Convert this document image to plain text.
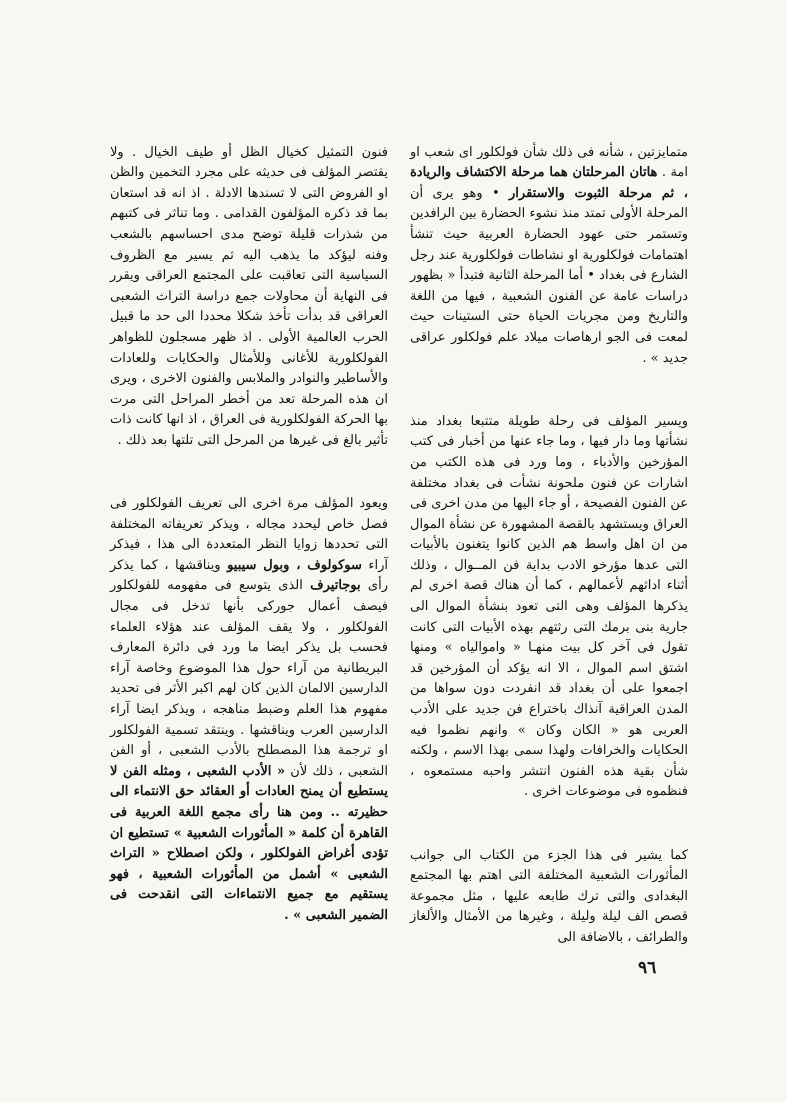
متمايزتين ، شأنه فى ذلك شأن فولكلور اى شعب او امة . هاتان المرحلتان هما مرحلة الاكتشاف والريادة ، ثم مرحلة الثبوت والاستقرار • وهو يرى أن المرحلة الأولى تمتد منذ نشوء الحضارة بين الرافدين وتستمر حتى عهود الحضارة العربية حيث تنشأ اهتمامات فولكلورية او نشاطات فولكلورية عند رجل الشارع فى بغداد • أما المرحلة الثانية فتبدأ « بظهور دراسات عامة عن الفنون الشعبية ، فيها من اللغة والتاريخ ومن مجريات الحياة حتى الستينات حيث لمعت فى الجو ارهاصات ميلاد علم فولكلور عراقى جديد » .

ويسير المؤلف فى رحلة طويلة متتبعا بغداد منذ نشأتها وما دار فيها ، وما جاء عنها من أخبار فى كتب المؤرخين والأدباء ، وما ورد فى هذه الكتب من اشارات عن فنون ملحونة نشأت فى بغداد مختلفة عن الفنون الفصيحة ، أو جاء اليها من مدن اخرى فى العراق ويستشهد بالقصة المشهورة عن نشأة الموال من ان اهل واسط هم الذين كانوا يتغنون بالأبيات التى عدها مؤرخو الادب بداية فن المــوال ، وذلك أثناء اداثهم لأعمالهم ، كما أن هناك قصة اخرى لم يذكرها المؤلف وهى التى تعود بنشأة الموال الى جارية بنى برمك التى رثتهم بهذه الأبيات التى كانت تقول فى آخر كل بيت منهـا « واموالياه » ومنها اشتق اسم الموال ، الا انه يؤكد أن المؤرخين قد اجمعوا على أن بغداد قد انفردت دون سواها من المدن العراقية آنذاك باختراع فن جديد على الأدب العربى هو « الكان وكان » وانهم نظموا فيه الحكايات والخرافات ولهذا سمى بهذا الاسم ، ولكنه شأن بقية هذه الفنون انتشر واحبه مستمعوه ، فنظموه فى موضوعات اخرى .

كما يشير فى هذا الجزء من الكتاب الى جوانب المأثورات الشعبية المختلفة التى اهتم بها المجتمع البغدادى والتى ترك طابعه عليها ، مثل مجموعة قصص الف ليلة وليلة ، وغيرها من الأمثال والألغاز والطرائف ، بالاضافة الى

فنون التمثيل كخيال الظل أو طيف الخيال . ولا يقتصر المؤلف فى حديثه على مجرد التخمين والظن او الفروض التى لا تسندها الادلة . اذ انه قد استعان بما قد ذكره المؤلفون القدامى . وما تناثر فى كتبهم من شذرات قليلة توضح مدى احساسهم بالشعب وفنه ليؤكد ما يذهب اليه ثم يسير مع الظروف السياسية التى تعاقبت على المجتمع العراقى ويقرر فى النهاية أن محاولات جمع دراسة التراث الشعبى العراقى قد بدأت تأخذ شكلا محددا الى حد ما قبيل الحرب العالمية الأولى . اذ ظهر مسجلون للظواهر الفولكلورية للأغانى وللأمثال والحكايات وللعادات والأساطير والنوادر والملابس والفنون الاخرى ، ويرى ان هذه المرحلة تعد من أخطر المراحل التى مرت بها الحركة الفولكلورية فى العراق ، اذ انها كانت ذات تأثير بالغ فى غيرها من المرحل التى تلتها بعد ذلك .

ويعود المؤلف مرة اخرى الى تعريف الفولكلور فى فصل خاص ليحدد مجاله ، ويذكر تعريفاته المختلفة التى تحددها زوايا النظر المتعددة الى هذا ، فيذكر آراء سوكولوف ، وبول سيبيو ويناقشها ، كما يذكر رأى بوجاتيرف الذى يتوسع فى مفهومه للفولكلور فيصف أعمال جوركى بأنها تدخل فى مجال الفولكلور ، ولا يقف المؤلف عند هؤلاء العلماء فحسب بل يذكر ايضا ما ورد فى دائرة المعارف البريطانية من آراء حول هذا الموضوع وخاصة آراء الدارسين الالمان الذين كان لهم اكبر الأثر فى تحديد مفهوم هذا العلم وضبط مناهجه ، ويذكر ايضا آراء الدارسين العرب ويناقشها . وينتقد تسمية الفولكلور او ترجمة هذا المصطلح بالأدب الشعبى ، أو الفن الشعبى ، ذلك لأن « الأدب الشعبى ، ومثله الفن لا يستطيع أن يمنح العادات أو العقائد حق الانتماء الى حظيرته .. ومن هنا رأى مجمع اللغة العربية فى القاهرة أن كلمة « المأثورات الشعبية » تستطيع ان تؤدى أغراض الفولكلور ، ولكن اصطلاح « التراث الشعبى » أشمل من المأثورات الشعبية ، فهو يستقيم مع جميع الانتماءات التى انقدحت فى الضمير الشعبى » .

٩٦
